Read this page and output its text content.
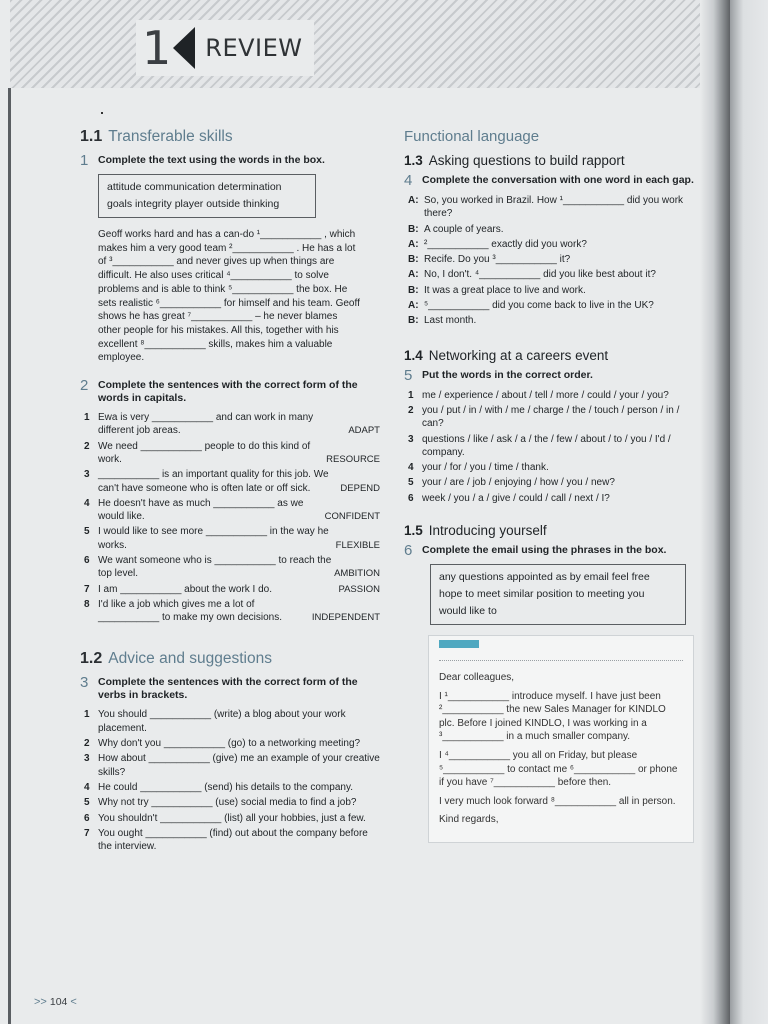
1 REVIEW
1.1 Transferable skills
1 Complete the text using the words in the box.
attitude communication determination
goals integrity player outside thinking
Geoff works hard and has a can-do ¹___________ , which makes him a very good team ²___________ . He has a lot of ³___________ and never gives up when things are difficult. He also uses critical ⁴___________ to solve problems and is able to think ⁵___________ the box. He sets realistic ⁶___________ for himself and his team. Geoff shows he has great ⁷___________ – he never blames other people for his mistakes. All this, together with his excellent ⁸___________ skills, makes him a valuable employee.
2 Complete the sentences with the correct form of the words in capitals.
1 Ewa is very ___________ and can work in many different job areas.	ADAPT
2 We need ___________ people to do this kind of work.	RESOURCE
3 ___________ is an important quality for this job. We can't have someone who is often late or off sick.	DEPEND
4 He doesn't have as much ___________ as we would like.	CONFIDENT
5 I would like to see more ___________ in the way he works.	FLEXIBLE
6 We want someone who is ___________ to reach the top level.	AMBITION
7 I am ___________ about the work I do.	PASSION
8 I'd like a job which gives me a lot of ___________ to make my own decisions.	INDEPENDENT
1.2 Advice and suggestions
3 Complete the sentences with the correct form of the verbs in brackets.
1 You should ___________ (write) a blog about your work placement.
2 Why don't you ___________ (go) to a networking meeting?
3 How about ___________ (give) me an example of your creative skills?
4 He could ___________ (send) his details to the company.
5 Why not try ___________ (use) social media to find a job?
6 You shouldn't ___________ (list) all your hobbies, just a few.
7 You ought ___________ (find) out about the company before the interview.
Functional language
1.3 Asking questions to build rapport
4 Complete the conversation with one word in each gap.
A: So, you worked in Brazil. How ¹___________ did you work there?
B: A couple of years.
A: ²___________ exactly did you work?
B: Recife. Do you ³___________ it?
A: No, I don't. ⁴___________ did you like best about it?
B: It was a great place to live and work.
A: ⁵___________ did you come back to live in the UK?
B: Last month.
1.4 Networking at a careers event
5 Put the words in the correct order.
1 me / experience / about / tell / more / could / your / you?
2 you / put / in / with / me / charge / the / touch / person / in / can?
3 questions / like / ask / a / the / few / about / to / you / I'd / company.
4 your / for / you / time / thank.
5 your / are / job / enjoying / how / you / new?
6 week / you / a / give / could / call / next / I?
1.5 Introducing yourself
6 Complete the email using the phrases in the box.
any questions appointed as by email feel free
hope to meet similar position to meeting you
would like to

Dear colleagues,

I ¹___________ introduce myself. I have just been ²___________ the new Sales Manager for KINDLO plc. Before I joined KINDLO, I was working in a ³___________ in a much smaller company.

I ⁴___________ you all on Friday, but please ⁵___________ to contact me ⁶___________ or phone if you have ⁷___________ before then.

I very much look forward ⁸___________ all in person.

Kind regards,

>> 104 <
